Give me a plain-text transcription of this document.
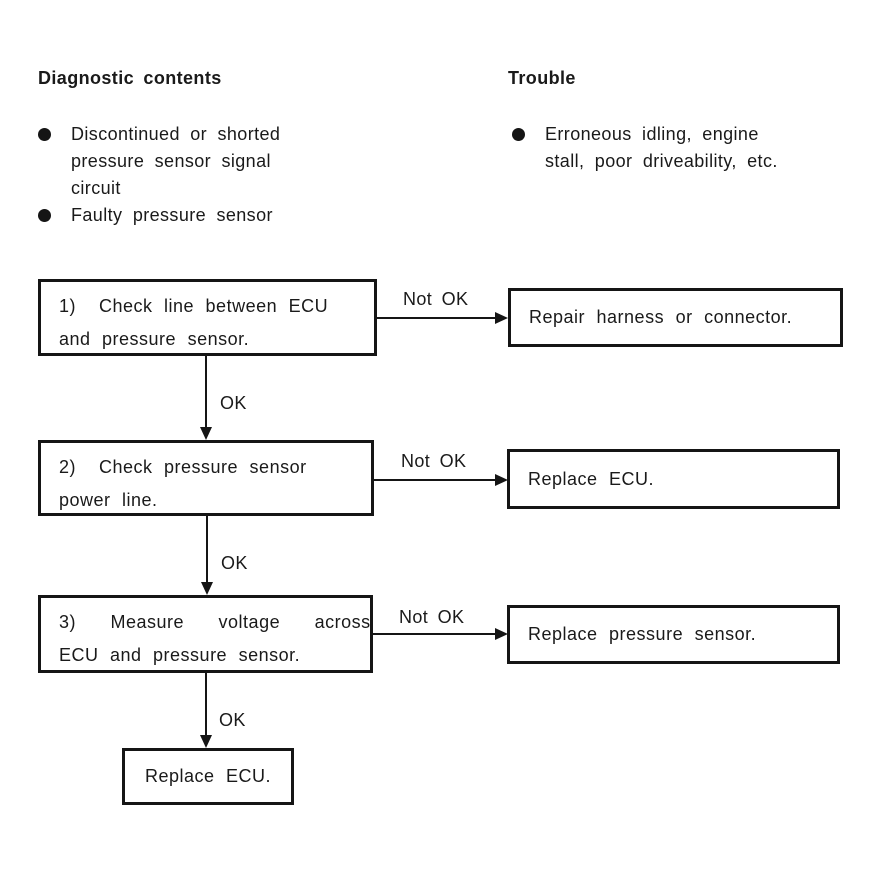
Diagnostic contents	Trouble
Discontinued or shorted
pressure sensor signal
circuit
Faulty pressure sensor
Erroneous idling, engine
stall, poor driveability, etc.
1)  Check line between ECU
and pressure sensor.
Not OK
Repair harness or connector.
OK
2)  Check pressure sensor
power line.
Not OK
Replace ECU.
OK
3)   Measure   voltage   across
ECU and pressure sensor.
Not OK
Replace pressure sensor.
OK
Replace ECU.
